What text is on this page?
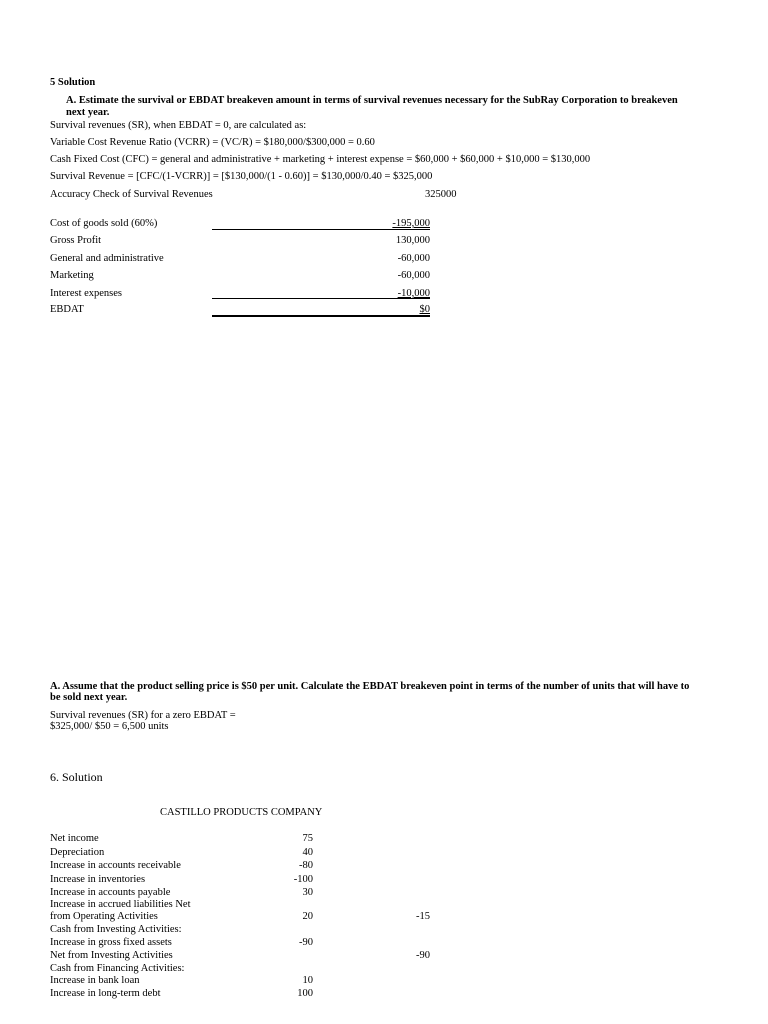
5 Solution
A. Estimate the survival or EBDAT breakeven amount in terms of survival revenues necessary for the SubRay Corporation to breakeven
next year.
Survival revenues (SR), when EBDAT = 0, are calculated as:
Variable Cost Revenue Ratio (VCRR) = (VC/R) = $180,000/$300,000 = 0.60
Cash Fixed Cost (CFC) = general and administrative + marketing + interest expense = $60,000 + $60,000 + $10,000 = $130,000
Survival Revenue = [CFC/(1-VCRR)] = [$130,000/(1 - 0.60)] = $130,000/0.40 = $325,000
Accuracy Check of Survival Revenues	325000
Cost of goods sold (60%)	-195,000
Gross Profit	130,000
General and administrative	-60,000
Marketing	-60,000
Interest expenses	-10,000
EBDAT	$0
A. Assume that the product selling price is $50 per unit. Calculate the EBDAT breakeven point in terms of the number of units that will have to
be sold next year.
Survival revenues (SR) for a zero EBDAT =
$325,000/ $50 = 6,500 units
6. Solution
CASTILLO PRODUCTS COMPANY
Net income	75
Depreciation	40
Increase in accounts receivable	-80
Increase in inventories	-100
Increase in accounts payable	30
Increase in accrued liabilities Net
from Operating Activities	20	-15
Cash from Investing Activities:
Increase in gross fixed assets	-90
Net from Investing Activities	-90
Cash from Financing Activities:
Increase in bank loan	10
Increase in long-term debt	100
